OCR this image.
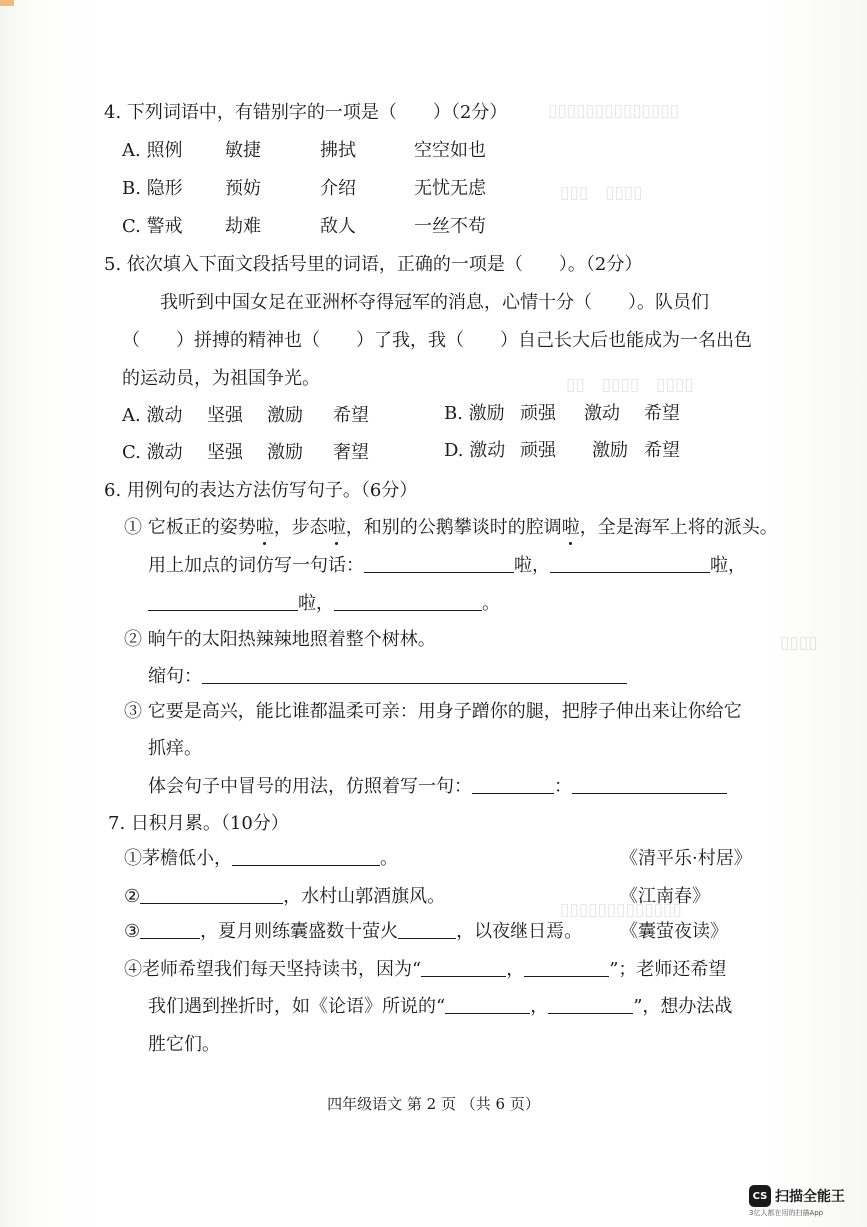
▯▯▯▯▯▯▯▯▯▯▯▯▯▯
▯▯▯　▯▯▯▯
▯▯　▯▯▯▯　▯▯▯▯
▯▯▯▯
▯▯▯▯▯▯▯▯▯▯▯▯▯
4. 下列词语中，有错别字的一项是（　　）（2分）
A. 照例 敏捷	拂拭	空空如也
B. 隐形 预妨	介绍	无忧无虑
C. 警戒 劫难	敌人	一丝不苟
5. 依次填入下面文段括号里的词语，正确的一项是（　　）。（2分）
我听到中国女足在亚洲杯夺得冠军的消息，心情十分（　　）。队员们
（　　）拼搏的精神也（　　）了我，我（　　）自己长大后也能成为一名出色
的运动员，为祖国争光。
A. 激动 坚强 激励 希望	B. 激励 顽强 激动 希望
C. 激动 坚强 激励 奢望	D. 激动 顽强 激励 希望
6. 用例句的表达方法仿写句子。（6分）
① 它板正的姿势啦，步态啦，和别的公鹅攀谈时的腔调啦，全是海军上将的派头。
用上加点的词仿写一句话：	啦，	啦，
啦，	。
② 晌午的太阳热辣辣地照着整个树林。
缩句：
③ 它要是高兴，能比谁都温柔可亲：用身子蹭你的腿，把脖子伸出来让你给它
抓痒。
体会句子中冒号的用法，仿照着写一句：	：
7. 日积月累。（10分）
①茅檐低小，	。	《清平乐·村居》
②	，水村山郭酒旗风。	《江南春》
③	，夏月则练囊盛数十萤火	，以夜继日焉。 《囊萤夜读》
④老师希望我们每天坚持读书，因为“	，	”；老师还希望
我们遇到挫折时，如《论语》所说的“	，	”，想办法战
胜它们。
四年级语文 第 2 页 （共 6 页）
CS 扫描全能王
3亿人都在用的扫描App
